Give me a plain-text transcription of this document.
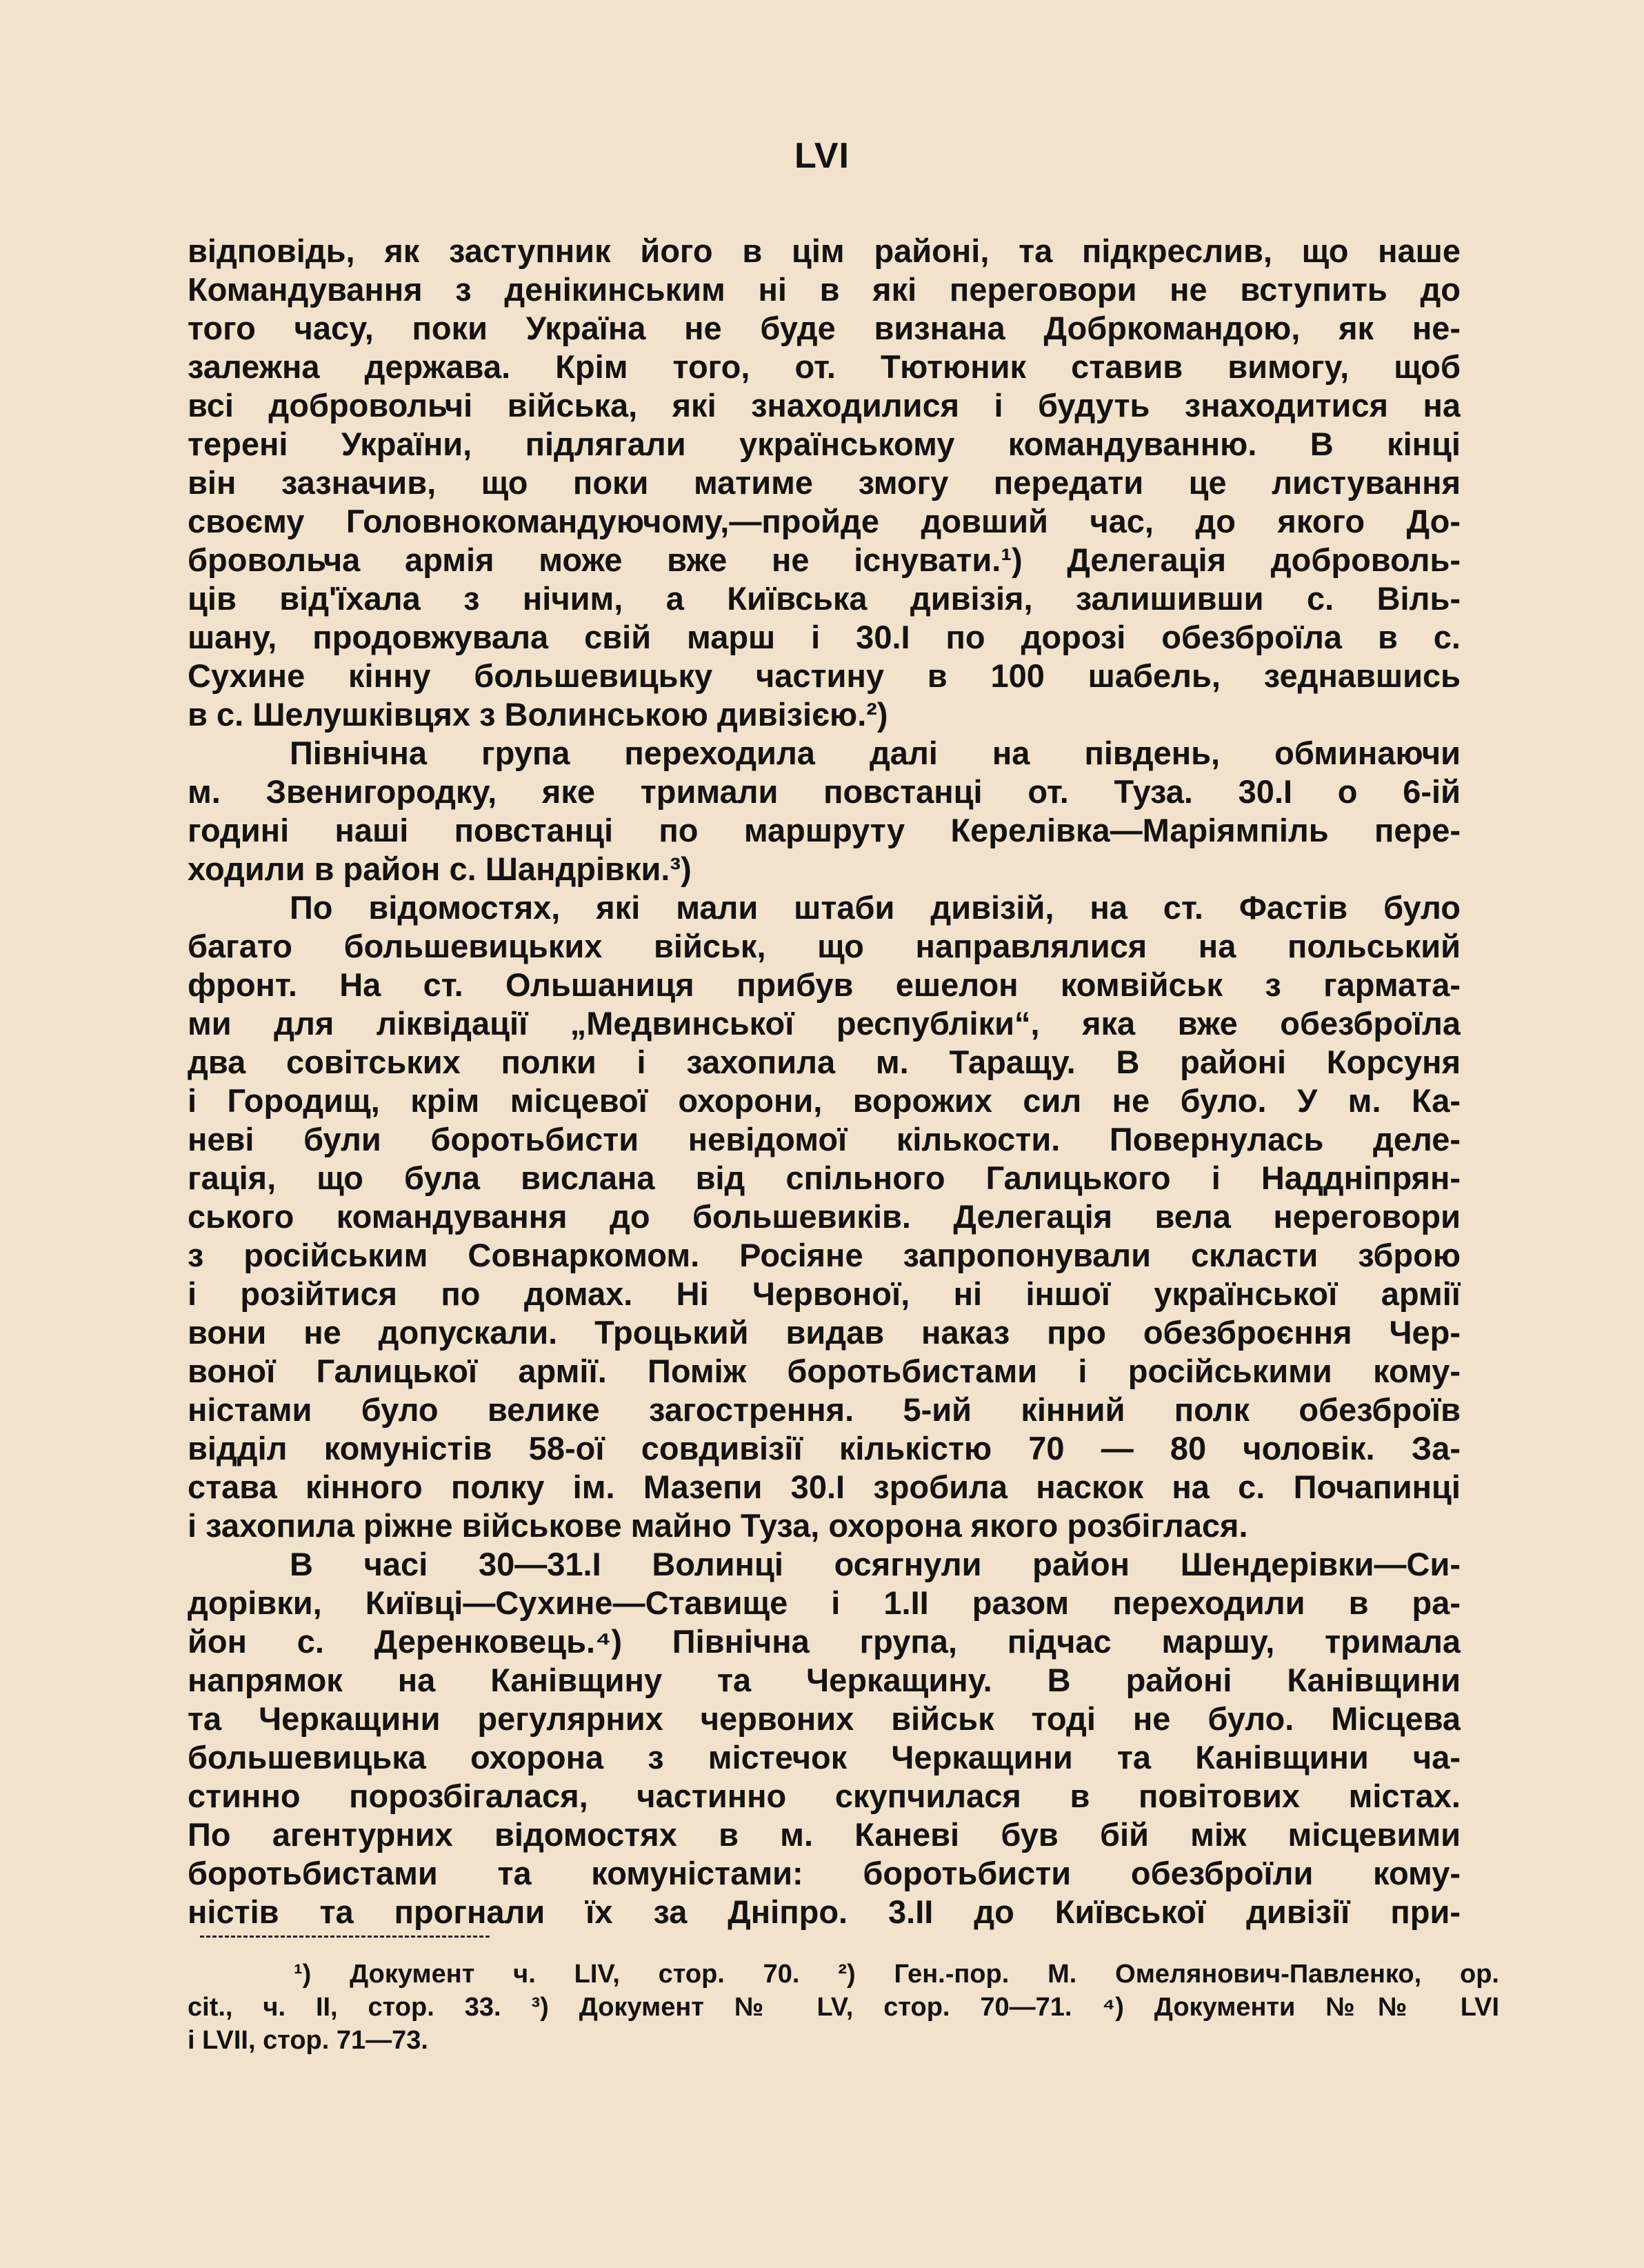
LVI
відповідь, як заступник його в цім районі, та підкреслив, що наше
Командування з денікинським ні в які переговори не вступить до
того часу, поки Україна не буде визнана Добркомандою, як не-
залежна держава. Крім того, от. Тютюник ставив вимогу, щоб
всі добровольчі війська, які знаходилися і будуть знаходитися на
терені України, підлягали українському командуванню. В кінці
він зазначив, що поки матиме змогу передати це листування
своєму Головнокомандуючому,—пройде довший час, до якого До-
бровольча армія може вже не існувати.¹) Делегація доброволь-
ців від'їхала з нічим, а Київська дивізія, залишивши с. Віль-
шану, продовжувала свій марш і 30.І по дорозі обезброїла в с.
Сухине кінну большевицьку частину в 100 шабель, зеднавшись
в с. Шелушківцях з Волинською дивізією.²)
Північна група переходила далі на південь, обминаючи
м. Звенигородку, яке тримали повстанці от. Туза. 30.І о 6-ій
годині наші повстанці по маршруту Керелівка—Маріямпіль пере-
ходили в район с. Шандрівки.³)
По відомостях, які мали штаби дивізій, на ст. Фастів було
багато большевицьких військ, що направлялися на польський
фронт. На ст. Ольшаниця прибув ешелон комвійськ з гармата-
ми для ліквідації „Медвинської республіки“, яка вже обезброїла
два совітських полки і захопила м. Таращу. В районі Корсуня
і Городищ, крім місцевої охорони, ворожих сил не було. У м. Ка-
неві були боротьбисти невідомої кількости. Повернулась деле-
гація, що була вислана від спільного Галицького і Наддніпрян-
ського командування до большевиків. Делегація вела нереговори
з російським Совнаркомом. Росіяне запропонували скласти зброю
і розійтися по домах. Ні Червоної, ні іншої української армії
вони не допускали. Троцький видав наказ про обезброєння Чер-
воної Галицької армії. Поміж боротьбистами і російськими кому-
ністами було велике загострення. 5-ий кінний полк обезброїв
відділ комуністів 58-ої совдивізії кількістю 70 — 80 чоловік. За-
става кінного полку ім. Мазепи 30.І зробила наскок на с. Почапинці
і захопила ріжне військове майно Туза, охорона якого розбіглася.
В часі 30—31.І Волинці осягнули район Шендерівки—Си-
дорівки, Київці—Сухине—Ставище і 1.ІІ разом переходили в ра-
йон с. Деренковець.⁴) Північна група, підчас маршу, тримала
напрямок на Канівщину та Черкащину. В районі Канівщини
та Черкащини регулярних червоних військ тоді не було. Місцева
большевицька охорона з містечок Черкащини та Канівщини ча-
стинно порозбігалася, частинно скупчилася в повітових містах.
По агентурних відомостях в м. Каневі був бій між місцевими
боротьбистами та комуністами: боротьбисти обезброїли кому-
ністів та прогнали їх за Дніпро. 3.ІІ до Київської дивізії при-
¹) Документ ч. LIV, стор. 70. ²) Ген.-пор. М. Омелянович-Павленко, op.
cit., ч. II, стор. 33. ³) Документ № LV, стор. 70—71. ⁴) Документи №№ LVI
і LVII, стор. 71—73.
